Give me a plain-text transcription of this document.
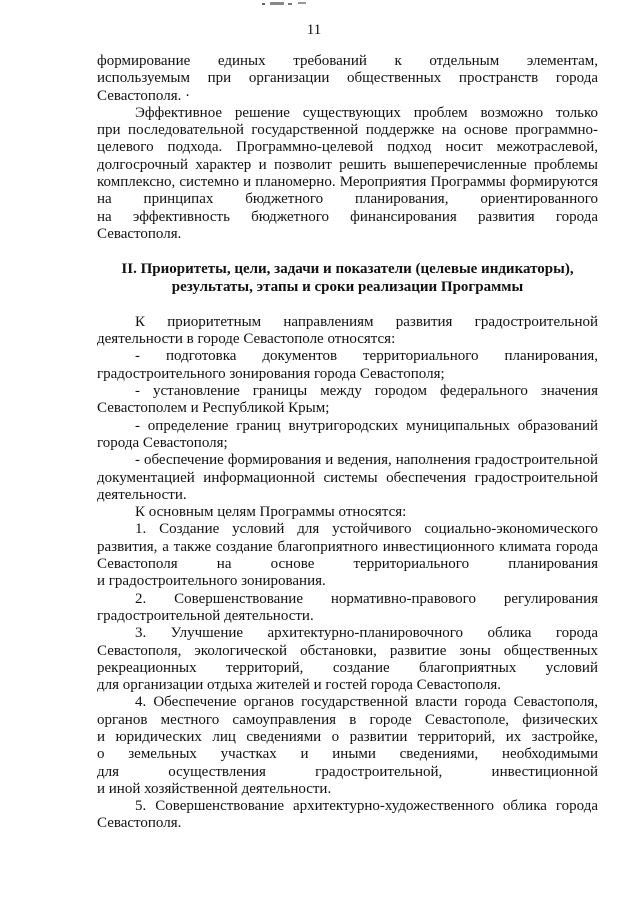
11
формирование единых требований к отдельным элементам,
используемым при организации общественных пространств города
Севастополя. ·
Эффективное решение существующих проблем возможно только
при последовательной государственной поддержке на основе программно-
целевого подхода. Программно-целевой подход носит межотраслевой,
долгосрочный характер и позволит решить вышеперечисленные проблемы
комплексно, системно и планомерно. Мероприятия Программы формируются
на принципах бюджетного планирования, ориентированного
на эффективность бюджетного финансирования развития города
Севастополя.
II. Приоритеты, цели, задачи и показатели (целевые индикаторы),
результаты, этапы и сроки реализации Программы
К приоритетным направлениям развития градостроительной
деятельности в городе Севастополе относятся:
- подготовка документов территориального планирования,
градостроительного зонирования города Севастополя;
- установление границы между городом федерального значения
Севастополем и Республикой Крым;
- определение границ внутригородских муниципальных образований
города Севастополя;
- обеспечение формирования и ведения, наполнения градостроительной
документацией информационной системы обеспечения градостроительной
деятельности.
К основным целям Программы относятся:
1. Создание условий для устойчивого социально-экономического
развития, а также создание благоприятного инвестиционного климата города
Севастополя на основе территориального планирования
и градостроительного зонирования.
2. Совершенствование нормативно-правового регулирования
градостроительной деятельности.
3. Улучшение архитектурно-планировочного облика города
Севастополя, экологической обстановки, развитие зоны общественных
рекреационных территорий, создание благоприятных условий
для организации отдыха жителей и гостей города Севастополя.
4. Обеспечение органов государственной власти города Севастополя,
органов местного самоуправления в городе Севастополе, физических
и юридических лиц сведениями о развитии территорий, их застройке,
о земельных участках и иными сведениями, необходимыми
для осуществления градостроительной, инвестиционной
и иной хозяйственной деятельности.
5. Совершенствование архитектурно-художественного облика города
Севастополя.
